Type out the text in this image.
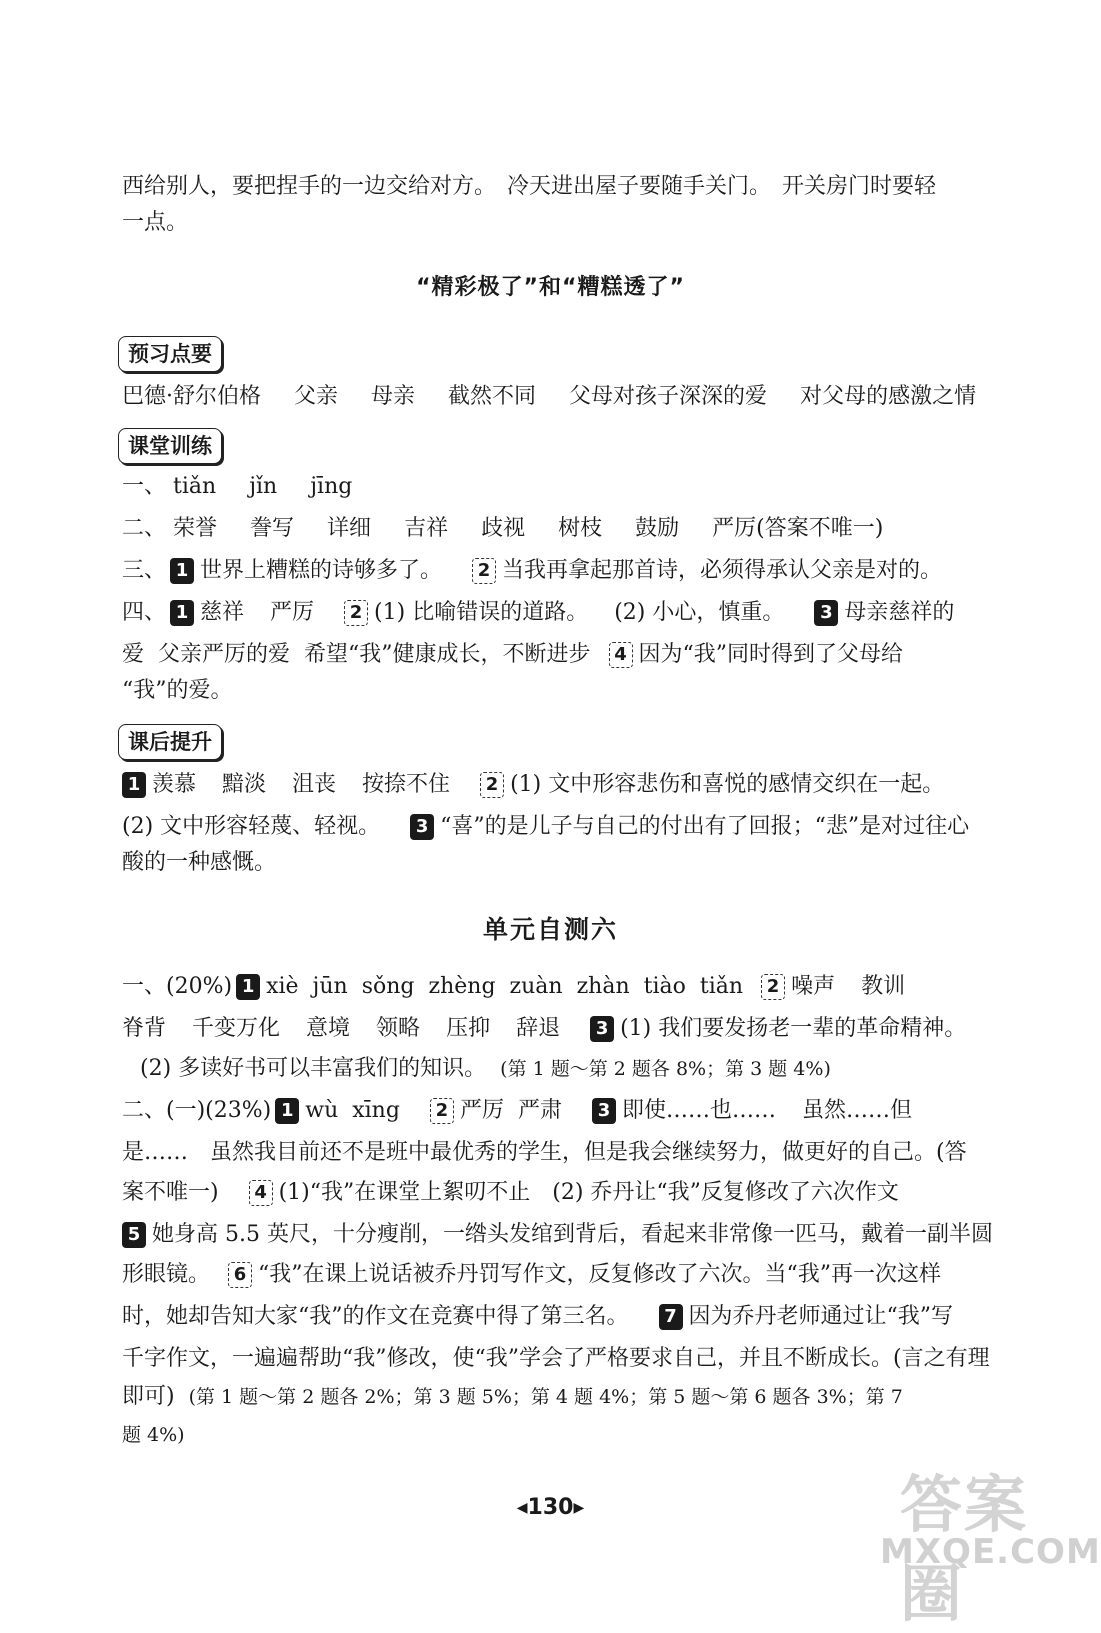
西给别人，要把捏手的一边交给对方。　冷天进出屋子要随手关门。　开关房门时要轻
一点。
“精彩极了”和“糟糕透了”
预习点要
巴德·舒尔伯格 父亲 母亲 截然不同 父母对孩子深深的爱 对父母的感激之情
课堂训练
一、 tiǎn jǐn jīng
二、 荣誉 誊写 详细 吉祥 歧视 树枝 鼓励 严厉(答案不唯一)
三、 1 世界上糟糕的诗够多了。 2 当我再拿起那首诗，必须得承认父亲是对的。
四、 1 慈祥 严厉 2 (1) 比喻错误的道路。 (2) 小心，慎重。 3 母亲慈祥的
爱 父亲严厉的爱 希望“我”健康成长，不断进步 4 因为“我”同时得到了父母给
“我”的爱。
课后提升
1 羡慕 黯淡 沮丧 按捺不住 2 (1) 文中形容悲伤和喜悦的感情交织在一起。
(2) 文中形容轻蔑、轻视。 3 “喜”的是儿子与自己的付出有了回报；“悲”是对过往心
酸的一种感慨。
单元自测六
一、(20%) 1 xiè jūn sǒng zhèng zuàn zhàn tiào tiǎn 2 噪声 教训
脊背 千变万化 意境 领略 压抑 辞退 3 (1) 我们要发扬老一辈的革命精神。
(2) 多读好书可以丰富我们的知识。 (第 1 题～第 2 题各 8%；第 3 题 4%)
二、(一)(23%) 1 wù xīng 2 严厉 严肃 3 即使……也…… 虽然……但
是……　虽然我目前还不是班中最优秀的学生，但是我会继续努力，做更好的自己。(答
案不唯一) 4 (1)“我”在课堂上絮叨不止　(2) 乔丹让“我”反复修改了六次作文
5 她身高 5.5 英尺，十分瘦削，一绺头发绾到背后，看起来非常像一匹马，戴着一副半圆
形眼镜。 6 “我”在课上说话被乔丹罚写作文，反复修改了六次。当“我”再一次这样
时，她却告知大家“我”的作文在竞赛中得了第三名。 7 因为乔丹老师通过让“我”写
千字作文，一遍遍帮助“我”修改，使“我”学会了严格要求自己，并且不断成长。(言之有理
即可) (第 1 题～第 2 题各 2%；第 3 题 5%；第 4 题 4%；第 5 题～第 6 题各 3%；第 7
题 4%)
◀130▶	答案圈
MXQE.COM
